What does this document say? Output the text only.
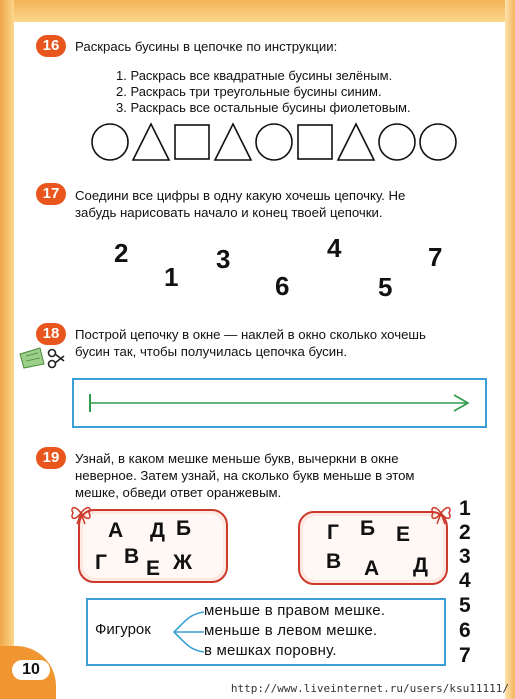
16	Раскрась бусины в цепочке по инструкции:
1. Раскрась все квадратные бусины зелёным.
2. Раскрась три треугольные бусины синим.
3. Раскрась все остальные бусины фиолетовым.
17	Соедини все цифры в одну какую хочешь цепочку. Не
забудь нарисовать начало и конец твоей цепочки.
2
1
3
6
4
5
7
18	Построй цепочку в окне — наклей в окно сколько хочешь
бусин так, чтобы получилась цепочка бусин.
19	Узнай, в каком мешке меньше букв, вычеркни в окне
неверное. Затем узнай, на сколько букв меньше в этом
мешке, обведи ответ оранжевым.
А Д Б
Г В
Е Ж
Г Б Е
В А Д
1
2
3
4
5
6
7
Фигурок
меньше в правом мешке.
меньше в левом мешке.
в мешках поровну.
10
http://www.liveinternet.ru/users/ksu11111/
